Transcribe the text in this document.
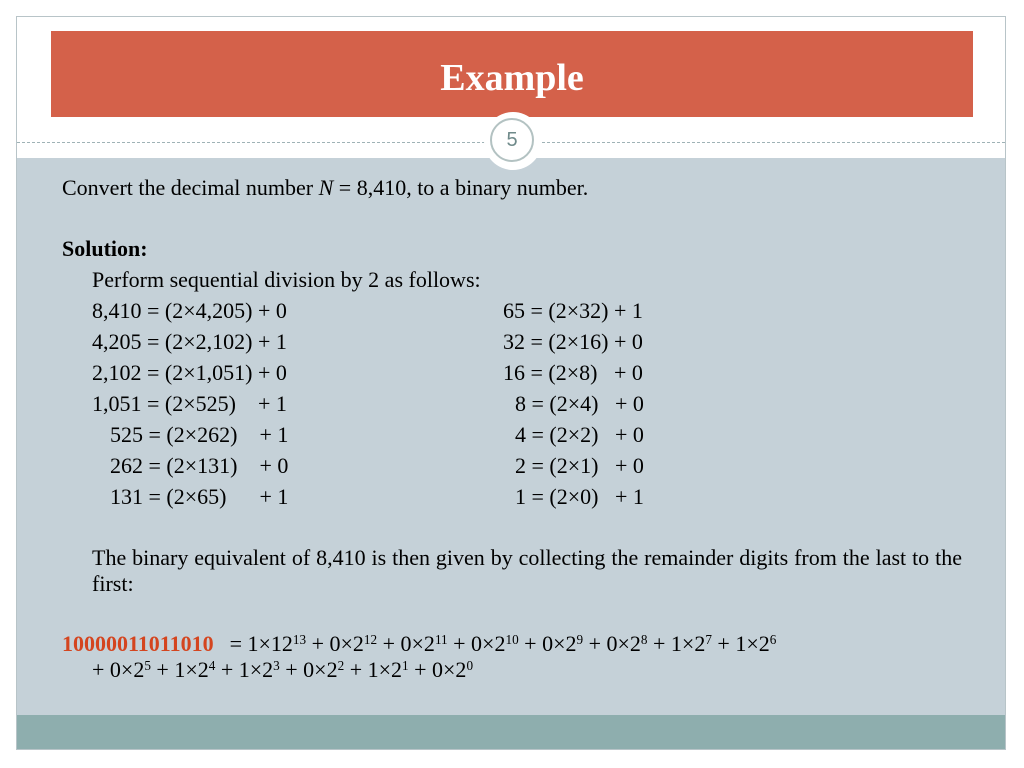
Example
5
Convert the decimal number N = 8,410, to a binary number.
Solution:
Perform sequential division by 2 as follows:
8,410 = (2×4,205) + 0
4,205 = (2×2,102) + 1
2,102 = (2×1,051) + 0
1,051 = (2×525)    + 1
525 = (2×262)    + 1
262 = (2×131)    + 0
131 = (2×65)      + 1
65 = (2×32) + 1
32 = (2×16) + 0
16 = (2×8)   + 0
8 = (2×4)   + 0
4 = (2×2)   + 0
2 = (2×1)   + 0
1 = (2×0)   + 1
The binary equivalent of 8,410 is then given by collecting the remainder digits from the last to the first:
$10000011011010 = 1\times 12^{13} + 0\times 2^{12} + 0\times 2^{11} + 0\times 2^{10} + 0\times 2^9 + 0\times 2^8 + 1\times 2^7 + 1\times 2^6$
+ $0\times 2^5 + 1\times 2^4 + 1\times 2^3 + 0\times 2^2 + 1\times 2^1 + 0\times 2^0$
